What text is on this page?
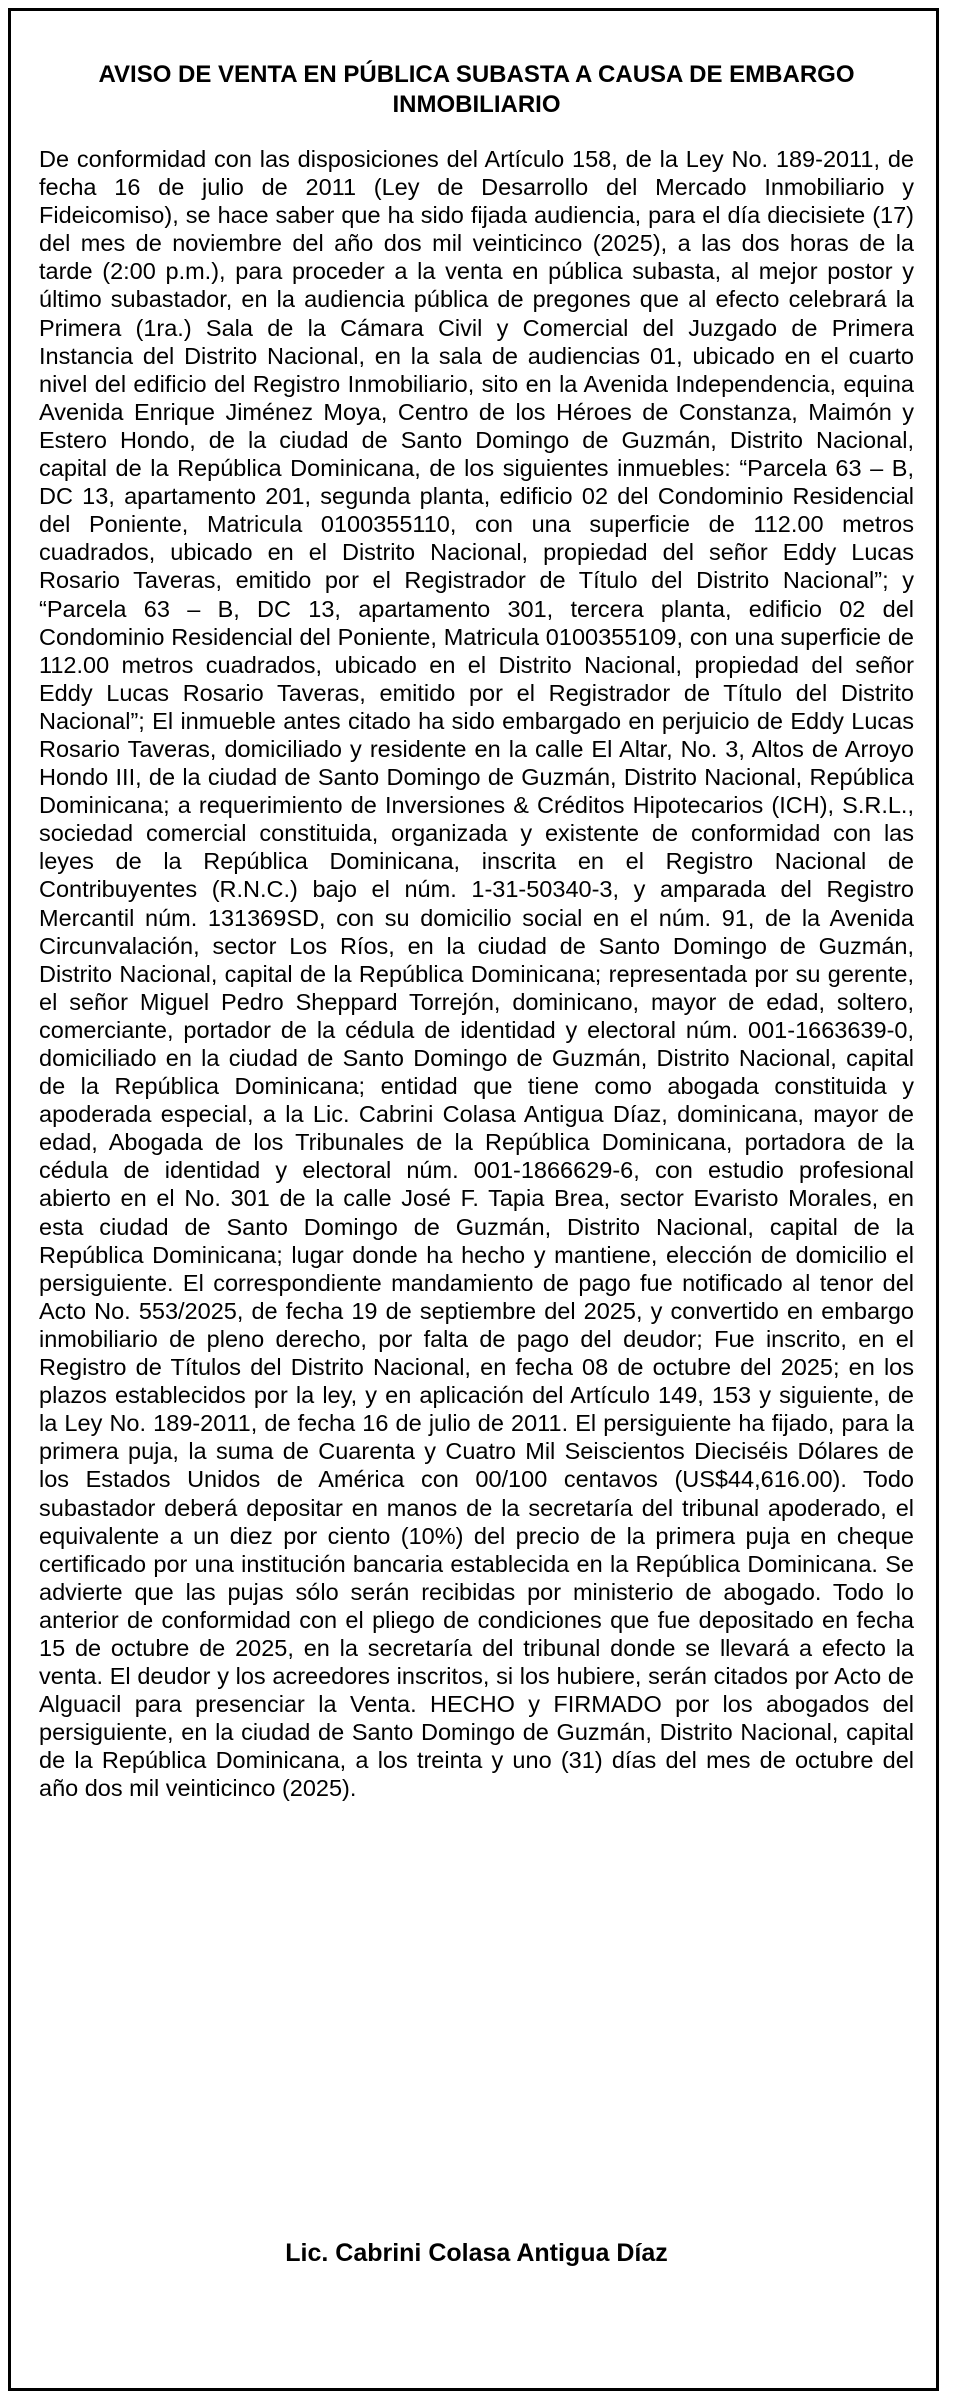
AVISO DE VENTA EN PÚBLICA SUBASTA A CAUSA DE EMBARGO INMOBILIARIO

De conformidad con las disposiciones del Artículo 158, de la Ley No. 189-2011, de fecha 16 de julio de 2011 (Ley de Desarrollo del Mercado Inmobiliario y Fideicomiso), se hace saber que ha sido fijada audiencia, para el día diecisiete (17) del mes de noviembre del año dos mil veinticinco (2025), a las dos horas de la tarde (2:00 p.m.), para proceder a la venta en pública subasta, al mejor postor y último subastador, en la audiencia pública de pregones que al efecto celebrará la Primera (1ra.) Sala de la Cámara Civil y Comercial del Juzgado de Primera Instancia del Distrito Nacional, en la sala de audiencias 01, ubicado en el cuarto nivel del edificio del Registro Inmobiliario, sito en la Avenida Independencia, equina Avenida Enrique Jiménez Moya, Centro de los Héroes de Constanza, Maimón y Estero Hondo, de la ciudad de Santo Domingo de Guzmán, Distrito Nacional, capital de la República Dominicana, de los siguientes inmuebles: “Parcela 63 – B, DC 13, apartamento 201, segunda planta, edificio 02 del Condominio Residencial del Poniente, Matricula 0100355110, con una superficie de 112.00 metros cuadrados, ubicado en el Distrito Nacional, propiedad del señor Eddy Lucas Rosario Taveras, emitido por el Registrador de Título del Distrito Nacional”; y “Parcela 63 – B, DC 13, apartamento 301, tercera planta, edificio 02 del Condominio Residencial del Poniente, Matricula 0100355109, con una superficie de 112.00 metros cuadrados, ubicado en el Distrito Nacional, propiedad del señor Eddy Lucas Rosario Taveras, emitido por el Registrador de Título del Distrito Nacional”; El inmueble antes citado ha sido embargado en perjuicio de Eddy Lucas Rosario Taveras, domiciliado y residente en la calle El Altar, No. 3, Altos de Arroyo Hondo III, de la ciudad de Santo Domingo de Guzmán, Distrito Nacional, República Dominicana; a requerimiento de Inversiones & Créditos Hipotecarios (ICH), S.R.L., sociedad comercial constituida, organizada y existente de conformidad con las leyes de la República Dominicana, inscrita en el Registro Nacional de Contribuyentes (R.N.C.) bajo el núm. 1-31-50340-3, y amparada del Registro Mercantil núm. 131369SD, con su domicilio social en el núm. 91, de la Avenida Circunvalación, sector Los Ríos, en la ciudad de Santo Domingo de Guzmán, Distrito Nacional, capital de la República Dominicana; representada por su gerente, el señor Miguel Pedro Sheppard Torrejón, dominicano, mayor de edad, soltero, comerciante, portador de la cédula de identidad y electoral núm. 001-1663639-0, domiciliado en la ciudad de Santo Domingo de Guzmán, Distrito Nacional, capital de la República Dominicana; entidad que tiene como abogada constituida y apoderada especial, a la Lic. Cabrini Colasa Antigua Díaz, dominicana, mayor de edad, Abogada de los Tribunales de la República Dominicana, portadora de la cédula de identidad y electoral núm. 001-1866629-6, con estudio profesional abierto en el No. 301 de la calle José F. Tapia Brea, sector Evaristo Morales, en esta ciudad de Santo Domingo de Guzmán, Distrito Nacional, capital de la República Dominicana; lugar donde ha hecho y mantiene, elección de domicilio el persiguiente. El correspondiente mandamiento de pago fue notificado al tenor del Acto No. 553/2025, de fecha 19 de septiembre del 2025, y convertido en embargo inmobiliario de pleno derecho, por falta de pago del deudor; Fue inscrito, en el Registro de Títulos del Distrito Nacional, en fecha 08 de octubre del 2025; en los plazos establecidos por la ley, y en aplicación del Artículo 149, 153 y siguiente, de la Ley No. 189-2011, de fecha 16 de julio de 2011. El persiguiente ha fijado, para la primera puja, la suma de Cuarenta y Cuatro Mil Seiscientos Dieciséis Dólares de los Estados Unidos de América con 00/100 centavos (US$44,616.00). Todo subastador deberá depositar en manos de la secretaría del tribunal apoderado, el equivalente a un diez por ciento (10%) del precio de la primera puja en cheque certificado por una institución bancaria establecida en la República Dominicana. Se advierte que las pujas sólo serán recibidas por ministerio de abogado. Todo lo anterior de conformidad con el pliego de condiciones que fue depositado en fecha 15 de octubre de 2025, en la secretaría del tribunal donde se llevará a efecto la venta. El deudor y los acreedores inscritos, si los hubiere, serán citados por Acto de Alguacil para presenciar la Venta. HECHO y FIRMADO por los abogados del persiguiente, en la ciudad de Santo Domingo de Guzmán, Distrito Nacional, capital de la República Dominicana, a los treinta y uno (31) días del mes de octubre del año dos mil veinticinco (2025).

Lic. Cabrini Colasa Antigua Díaz
